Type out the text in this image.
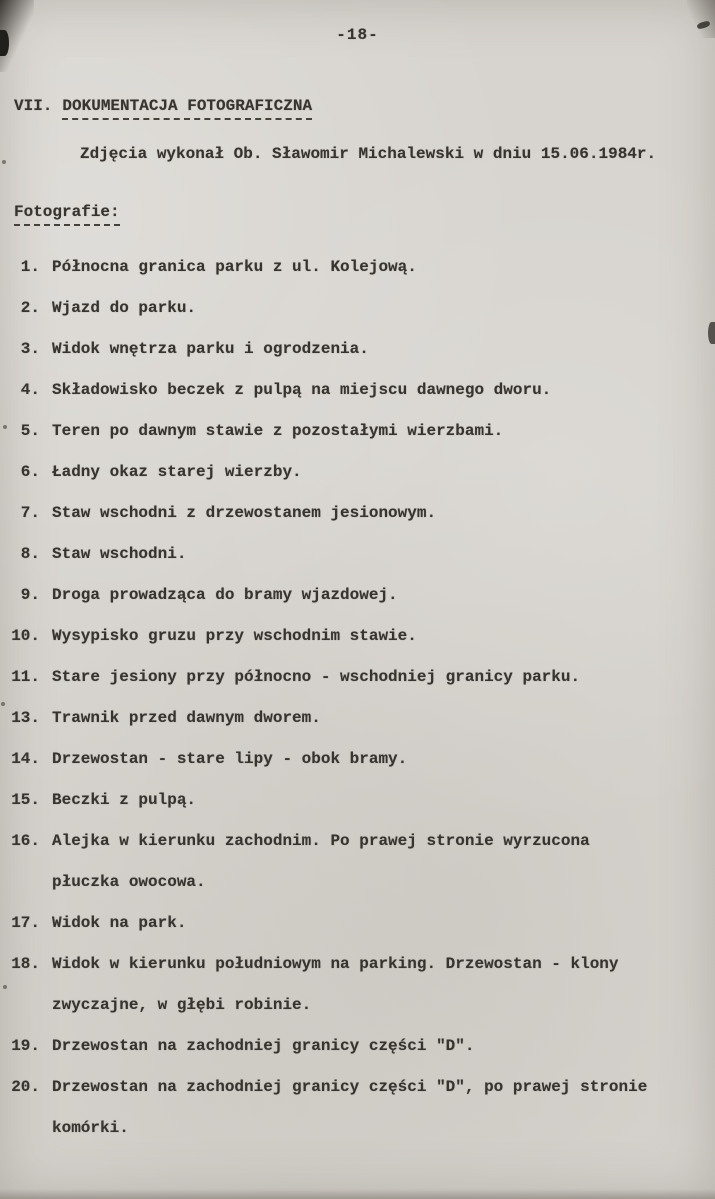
-18-
VII. DOKUMENTACJA FOTOGRAFICZNA
Zdjęcia wykonał Ob. Sławomir Michalewski w dniu 15.06.1984r.
Fotografie:
1. Północna granica parku z ul. Kolejową.
2. Wjazd do parku.
3. Widok wnętrza parku i ogrodzenia.
4. Składowisko beczek z pulpą na miejscu dawnego dworu.
5. Teren po dawnym stawie z pozostałymi wierzbami.
6. Ładny okaz starej wierzby.
7. Staw wschodni z drzewostanem jesionowym.
8. Staw wschodni.
9. Droga prowadząca do bramy wjazdowej.
10. Wysypisko gruzu przy wschodnim stawie.
11. Stare jesiony przy północno - wschodniej granicy parku.
13. Trawnik przed dawnym dworem.
14. Drzewostan - stare lipy - obok bramy.
15. Beczki z pulpą.
16. Alejka w kierunku zachodnim. Po prawej stronie wyrzucona
płuczka owocowa.
17. Widok na park.
18. Widok w kierunku południowym na parking. Drzewostan - klony
zwyczajne, w głębi robinie.
19. Drzewostan na zachodniej granicy części "D".
20. Drzewostan na zachodniej granicy części "D", po prawej stronie
komórki.
